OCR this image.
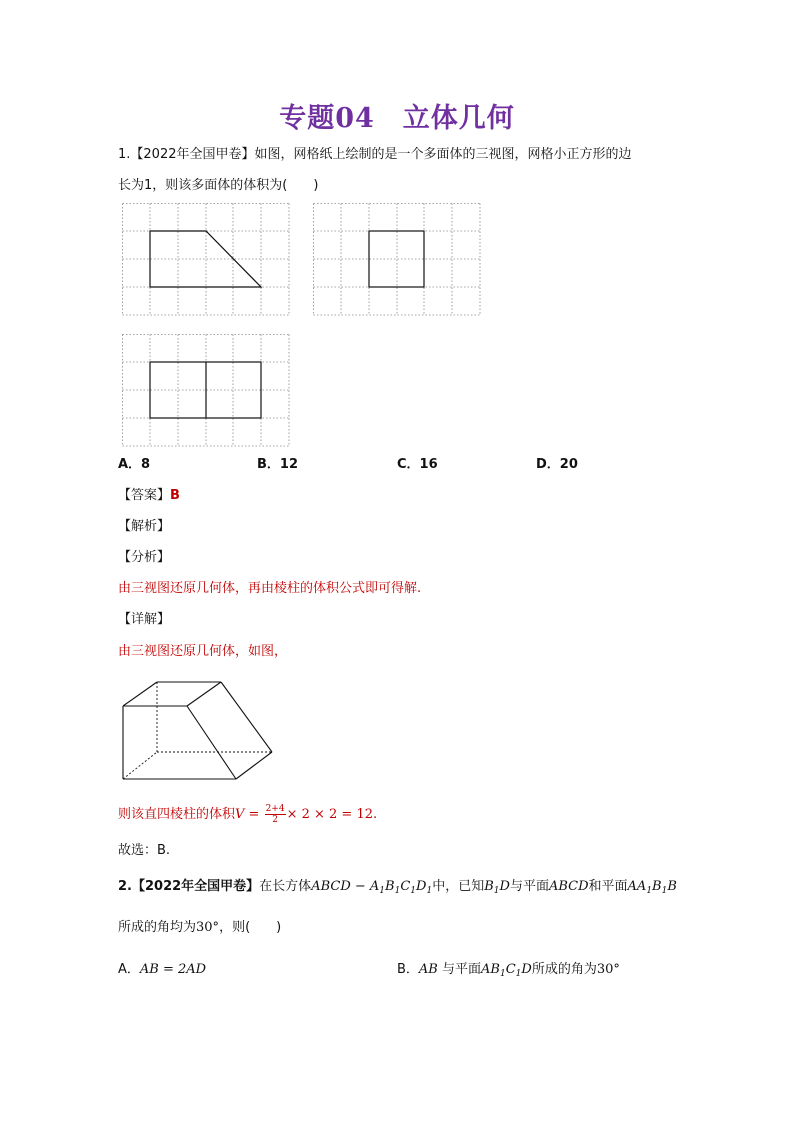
专题04　立体几何
1.【2022年全国甲卷】如图，网格纸上绘制的是一个多面体的三视图，网格小正方形的边
长为1，则该多面体的体积为(　　)
A．8	B．12	C．16	D．20
【答案】B
【解析】
【分析】
由三视图还原几何体，再由棱柱的体积公式即可得解.
【详解】
由三视图还原几何体，如图，
则该直四棱柱的体积$V = \frac{2+4}{2} \times 2 \times 2 = 12$.
故选：B.
2.【2022年全国甲卷】在长方体ABCD − $A_1B_1C_1D_1$中，已知$B_1D$与平面ABCD和平面$AA_1B_1B$
所成的角均为30°，则(　　)
A．AB = 2AD	B．AB 与平面$AB_1C_1D$所成的角为30°
